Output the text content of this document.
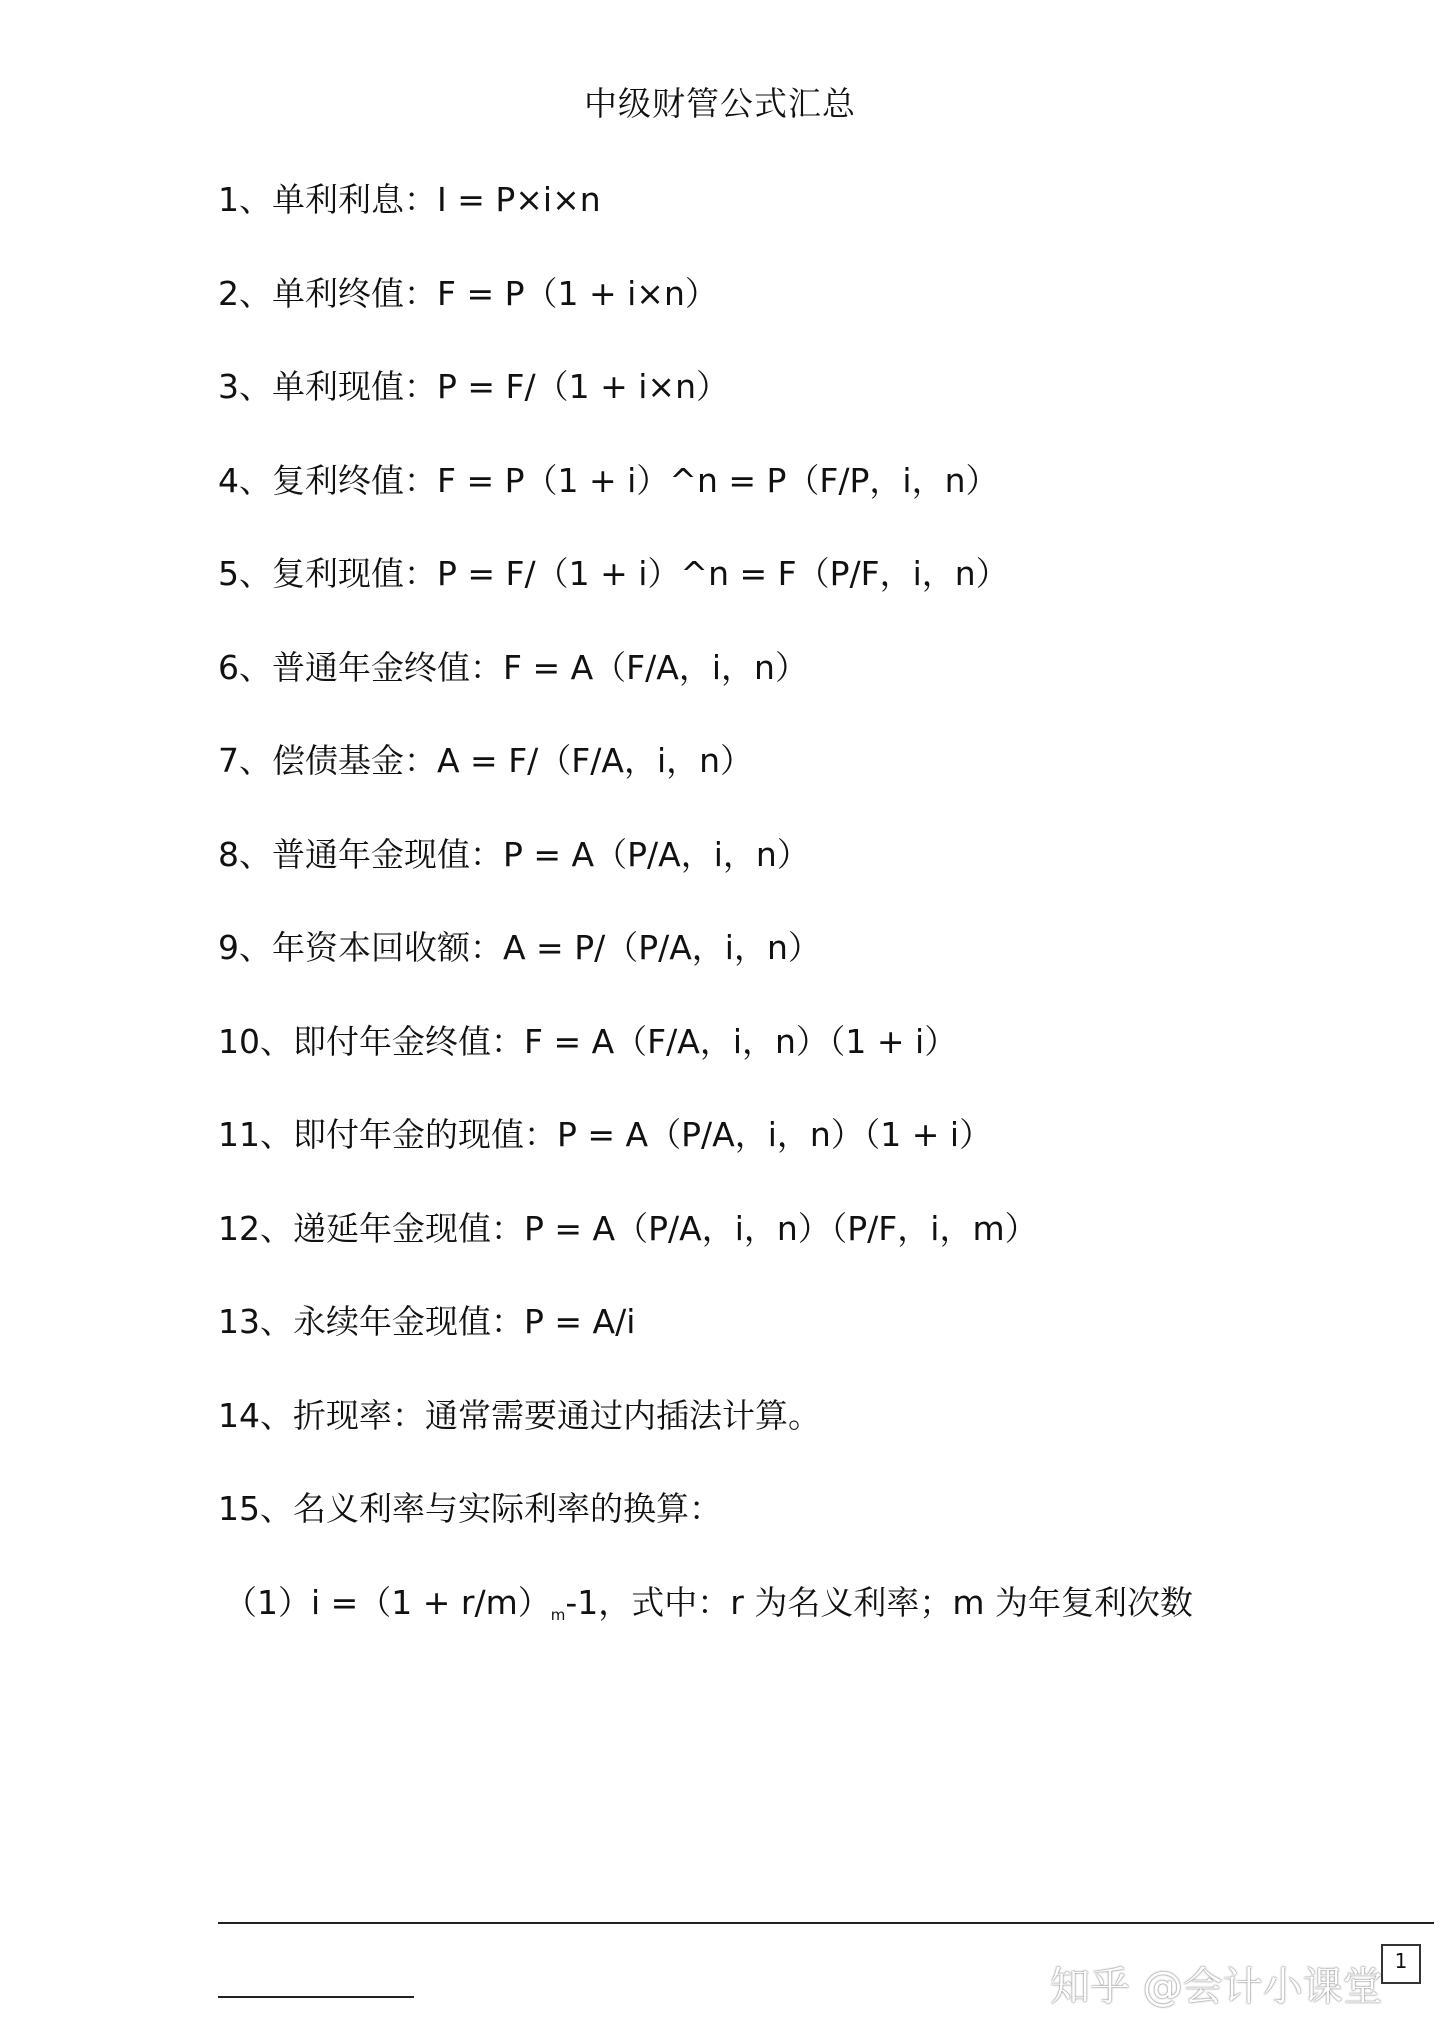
中级财管公式汇总
1、单利利息：I = P×i×n
2、单利终值：F = P（1 + i×n）
3、单利现值：P = F/（1 + i×n）
4、复利终值：F = P（1 + i）^n = P（F/P，i，n）
5、复利现值：P = F/（1 + i）^n = F（P/F，i，n）
6、普通年金终值：F = A（F/A，i，n）
7、偿债基金：A = F/（F/A，i，n）
8、普通年金现值：P = A（P/A，i，n）
9、年资本回收额：A = P/（P/A，i，n）
10、即付年金终值：F = A（F/A，i，n）（1 + i）
11、即付年金的现值：P = A（P/A，i，n）（1 + i）
12、递延年金现值：P = A（P/A，i，n）（P/F，i，m）
13、永续年金现值：P = A/i
14、折现率：通常需要通过内插法计算。
15、名义利率与实际利率的换算：
$(1)i =(1 + r/m)_m-1$，式中：r 为名义利率；m 为年复利次数
知乎 @会计小课堂
1
